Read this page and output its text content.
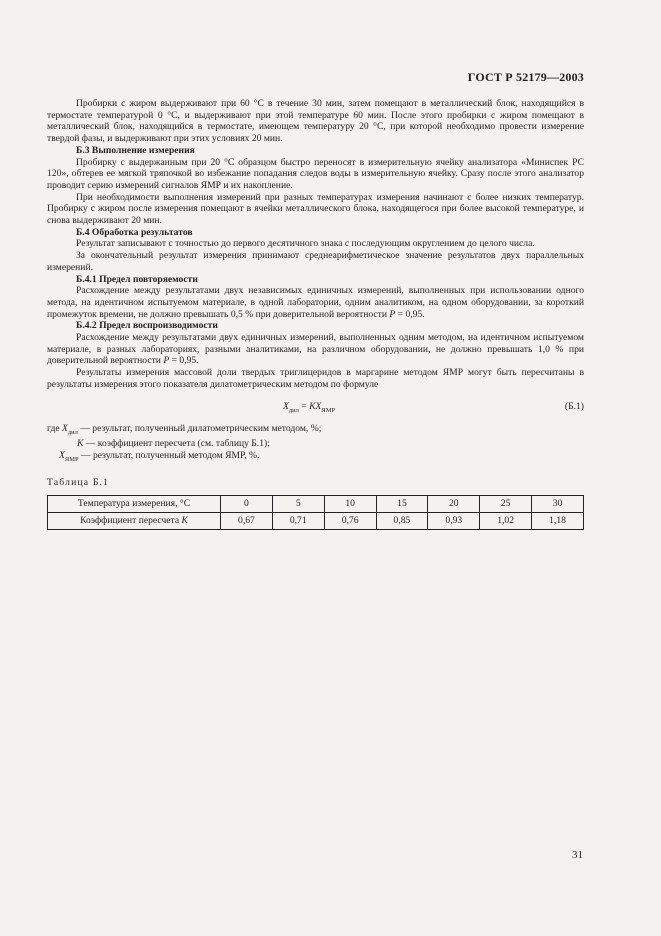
ГОСТ Р 52179—2003

Пробирки с жиром выдерживают при 60 °С в течение 30 мин, затем помещают в металлический блок, находящийся в термостате температурой 0 °С, и выдерживают при этой температуре 60 мин. После этого пробирки с жиром помещают в металлический блок, находящийся в термостате, имеющем температуру 20 °С, при которой необходимо провести измерение твердой фазы, и выдерживают при этих условиях 20 мин.

Б.3 Выполнение измерения

Пробирку с выдержанным при 20 °С образцом быстро переносят в измерительную ячейку анализатора «Миниспек РС 120», обтерев ее мягкой тряпочкой во избежание попадания следов воды в измерительную ячейку. Сразу после этого анализатор проводит серию измерений сигналов ЯМР и их накопление.

При необходимости выполнения измерений при разных температурах измерения начинают с более низких температур. Пробирку с жиром после измерения помещают в ячейки металлического блока, находящегося при более высокой температуре, и снова выдерживают 20 мин.

Б.4 Обработка результатов

Результат записывают с точностью до первого десятичного знака с последующим округлением до целого числа.

За окончательный результат измерения принимают среднеарифметическое значение результатов двух параллельных измерений.

Б.4.1 Предел повторяемости

Расхождение между результатами двух независимых единичных измерений, выполненных при использовании одного метода, на идентичном испытуемом материале, в одной лаборатории, одним аналитиком, на одном оборудовании, за короткий промежуток времени, не должно превышать 0,5 % при доверительной вероятности P = 0,95.

Б.4.2 Предел воспроизводимости

Расхождение между результатами двух единичных измерений, выполненных одним методом, на идентичном испытуемом материале, в разных лабораториях, разными аналитиками, на различном оборудовании, не должно превышать 1,0 % при доверительной вероятности P = 0,95.

Результаты измерения массовой доли твердых триглицеридов в маргарине методом ЯМР могут быть пересчитаны в результаты измерения этого показателя дилатометрическим методом по формуле

$X_{дил} = KX_{ЯМР}$	(Б.1)

где $X_{дил}$ — результат, полученный дилатометрическим методом, %;

K — коэффициент пересчета (см. таблицу Б.1);

$X_{ЯМР}$ — результат, полученный методом ЯМР, %.

Таблица Б.1
Температура измерения, °С	0	5	10	15	20	25	30
Коэффициент пересчета K	0,67	0,71	0,76	0,85	0,93	1,02	1,18
31
